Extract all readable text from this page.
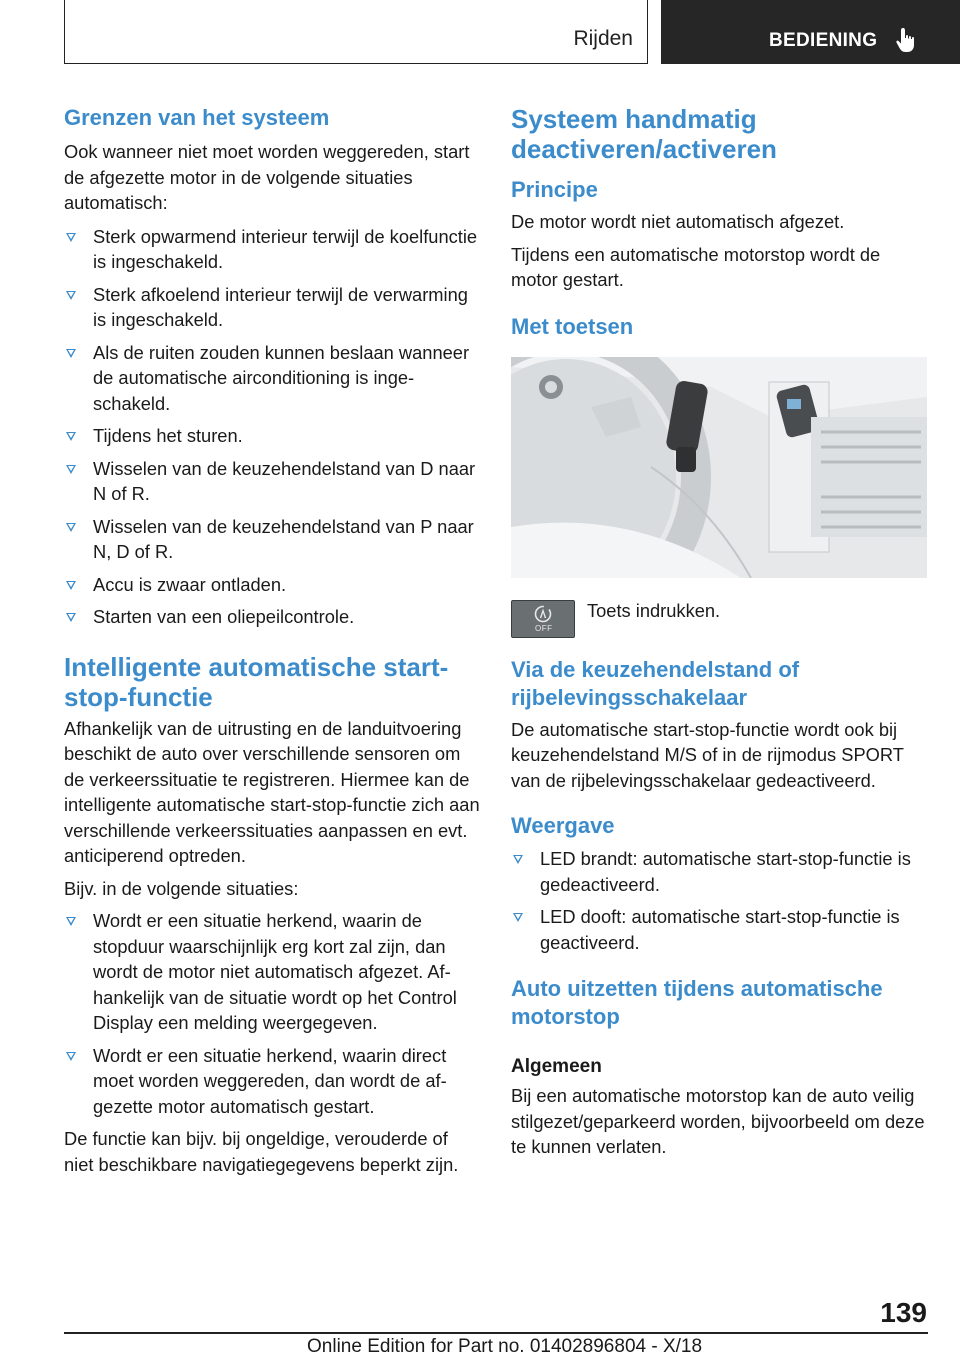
Rijden	BEDIENING
Grenzen van het systeem

Ook wanneer niet moet worden weggereden, start de afgezette motor in de volgende situaties automatisch:

Sterk opwarmend interieur terwijl de koelfunctie is ingeschakeld.
Sterk afkoelend interieur terwijl de verwarming is ingeschakeld.
Als de ruiten zouden kunnen beslaan wanneer de automatische airconditioning is ingeschakeld.
Tijdens het sturen.
Wisselen van de keuzehendelstand van D naar N of R.
Wisselen van de keuzehendelstand van P naar N, D of R.
Accu is zwaar ontladen.
Starten van een oliepeilcontrole.
Intelligente automatische start-stop-functie

Afhankelijk van de uitrusting en de landuitvoering beschikt de auto over verschillende sensoren om de verkeerssituatie te registreren. Hiermee kan de intelligente automatische start-stop-functie zich aan verschillende verkeerssituaties aanpassen en evt. anticiperend optreden.

Bijv. in de volgende situaties:

Wordt er een situatie herkend, waarin de stopduur waarschijnlijk erg kort zal zijn, dan wordt de motor niet automatisch afgezet. Afhankelijk van de situatie wordt op het Control Display een melding weergegeven.
Wordt er een situatie herkend, waarin direct moet worden weggereden, dan wordt de afgezette motor automatisch gestart.

De functie kan bijv. bij ongeldige, verouderde of niet beschikbare navigatiegegevens beperkt zijn.

Systeem handmatig deactiveren/activeren
Principe

De motor wordt niet automatisch afgezet.

Tijdens een automatische motorstop wordt de motor gestart.

Met toetsen
OFF
Toets indrukken.
Via de keuzehendelstand of rijbelevingsschakelaar

De automatische start-stop-functie wordt ook bij keuzehendelstand M/S of in de rijmodus SPORT van de rijbelevingsschakelaar gedeactiveerd.

Weergave
LED brandt: automatische start-stop-functie is gedeactiveerd.
LED dooft: automatische start-stop-functie is geactiveerd.
Auto uitzetten tijdens automatische motorstop
Algemeen

Bij een automatische motorstop kan de auto veilig stilgezet/geparkeerd worden, bijvoorbeeld om deze te kunnen verlaten.

139
Online Edition for Part no. 01402896804 - X/18
